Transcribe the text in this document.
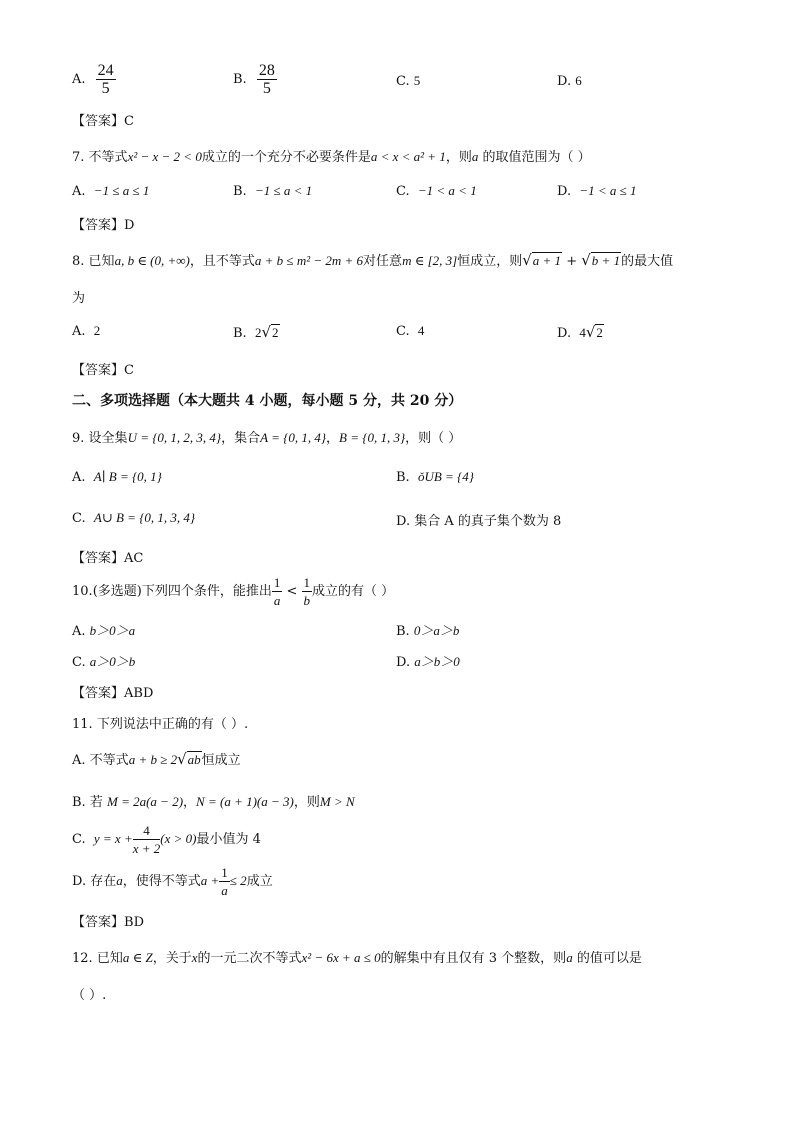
A. $\frac{24}{5}$	B. $\frac{28}{5}$	C. 5	D. 6
【答案】C
7. 不等式x² − x − 2 < 0成立的一个充分不必要条件是a < x < a² + 1，则a 的取值范围为（ ）
A. −1 ≤ a ≤ 1	B. −1 ≤ a < 1	C. −1 < a < 1	D. −1 < a ≤ 1
【答案】D
8. 已知a, b ∈ (0, +∞)，且不等式a + b ≤ m² − 2m + 6对任意m ∈ [2, 3]恒成立，则√a + 1 + √b + 1的最大值
为
A. 2	B. 2√2	C. 4	D. 4√2
【答案】C
二、多项选择题（本大题共 4 小题，每小题 5 分，共 20 分）
9. 设全集U = {0, 1, 2, 3, 4}，集合A = {0, 1, 4}，B = {0, 1, 3}，则（ ）
A. A∣ B = {0, 1}	B. ǒUB = {4}
C. A∪ B = {0, 1, 3, 4}	D. 集合 A 的真子集个数为 8
【答案】AC
10.(多选题)下列四个条件，能推出 $\frac{1}{a} < \frac{1}{b}$ 成立的有（ ）
A. b＞0＞a	B. 0＞a＞b
C. a＞0＞b	D. a＞b＞0
【答案】ABD
11. 下列说法中正确的有（ ）.
A. 不等式a + b ≥ 2√ab恒成立
B. 若 M = 2a(a − 2)，N = (a + 1)(a − 3)，则M > N
C. $y = x + \frac{4}{x + 2} (x > 0)$最小值为 4
D. 存在a，使得不等式$a + \frac{1}{a} \le 2$成立
【答案】BD
12. 已知a ∈ Z，关于x的一元二次不等式x² − 6x + a ≤ 0的解集中有且仅有 3 个整数，则a 的值可以是
（ ）.
